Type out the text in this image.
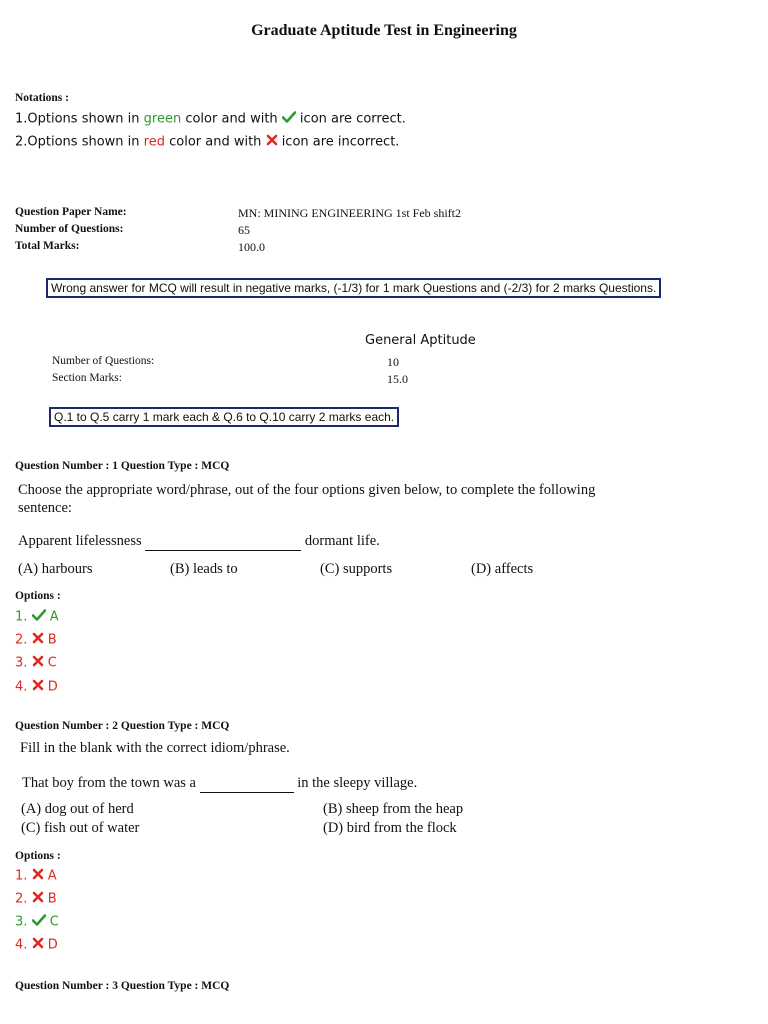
Graduate Aptitude Test in Engineering
Notations :
1.Options shown in green color and with  icon are correct.
2.Options shown in red color and with  icon are incorrect.
Question Paper Name:	MN: MINING ENGINEERING 1st Feb shift2
Number of Questions:	65
Total Marks:	100.0
Wrong answer for MCQ will result in negative marks, (-1/3) for 1 mark Questions and (-2/3) for 2 marks Questions.
General Aptitude
Number of Questions:	10
Section Marks:	15.0
Q.1 to Q.5 carry 1 mark each & Q.6 to Q.10 carry 2 marks each.
Question Number : 1 Question Type : MCQ
Choose the appropriate word/phrase, out of the four options given below, to complete the following
sentence:
Apparent lifelessness	dormant life.
(A) harbours	(B) leads to	(C) supports	(D) affects
Options :
1. A
2. B
3. C
4. D
Question Number : 2 Question Type : MCQ
Fill in the blank with the correct idiom/phrase.
That boy from the town was a	in the sleepy village.
(A) dog out of herd	(B) sheep from the heap
(C) fish out of water	(D) bird from the flock
Options :
1. A
2. B
3. C
4. D
Question Number : 3 Question Type : MCQ
